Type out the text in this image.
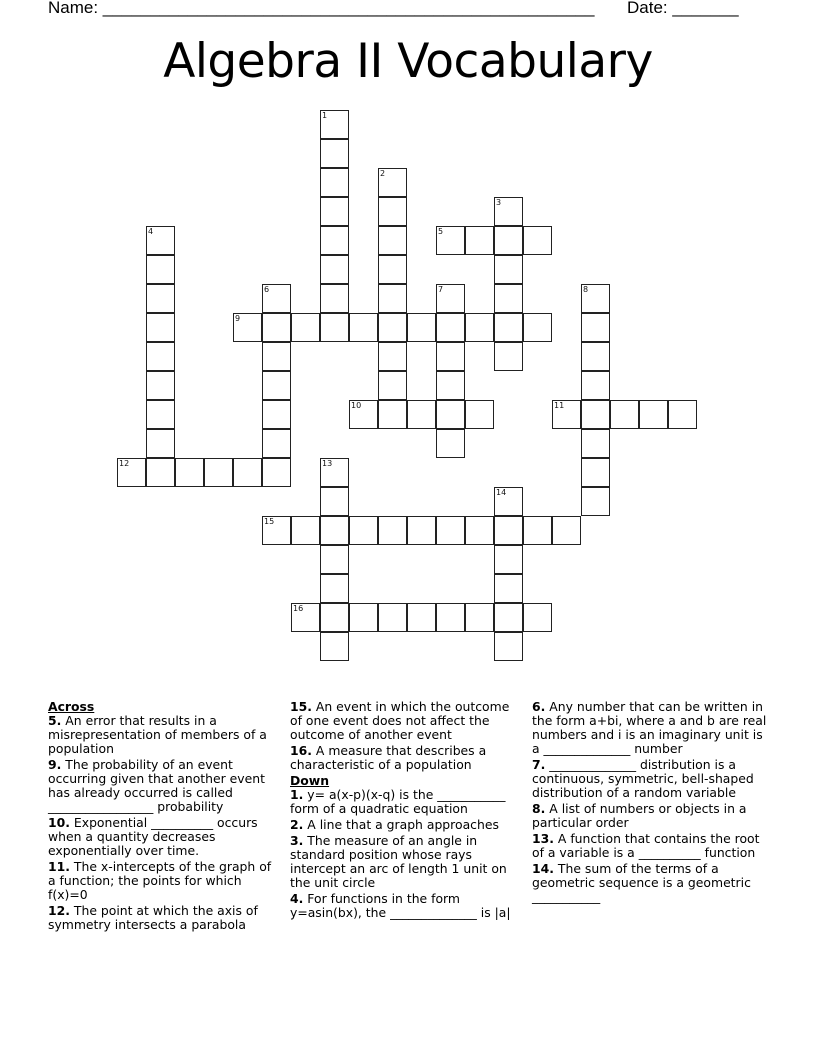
Name: ____________________________________________________ Date: _______
Algebra II Vocabulary
1
2
3
4	5
6	7	8
9
10	11
12	13
14
15
16
Across
5. An error that results in a misrepresentation of members of a population
9. The probability of an event occurring given that another event has already occurred is called _________________ probability
10. Exponential __________ occurs when a quantity decreases exponentially over time.
11. The x-intercepts of the graph of a function; the points for which f(x)=0
12. The point at which the axis of symmetry intersects a parabola
15. An event in which the outcome of one event does not affect the outcome of another event
16. A measure that describes a characteristic of a population
Down
1. y= a(x-p)(x-q) is the ___________ form of a quadratic equation
2. A line that a graph approaches
3. The measure of an angle in standard position whose rays intercept an arc of length 1 unit on the unit circle
4. For functions in the form y=asin(bx), the ______________ is |a|
6. Any number that can be written in the form a+bi, where a and b are real numbers and i is an imaginary unit is a ______________ number
7. ______________ distribution is a continuous, symmetric, bell-shaped distribution of a random variable
8. A list of numbers or objects in a particular order
13. A function that contains the root of a variable is a __________ function
14. The sum of the terms of a geometric sequence is a geometric ___________
